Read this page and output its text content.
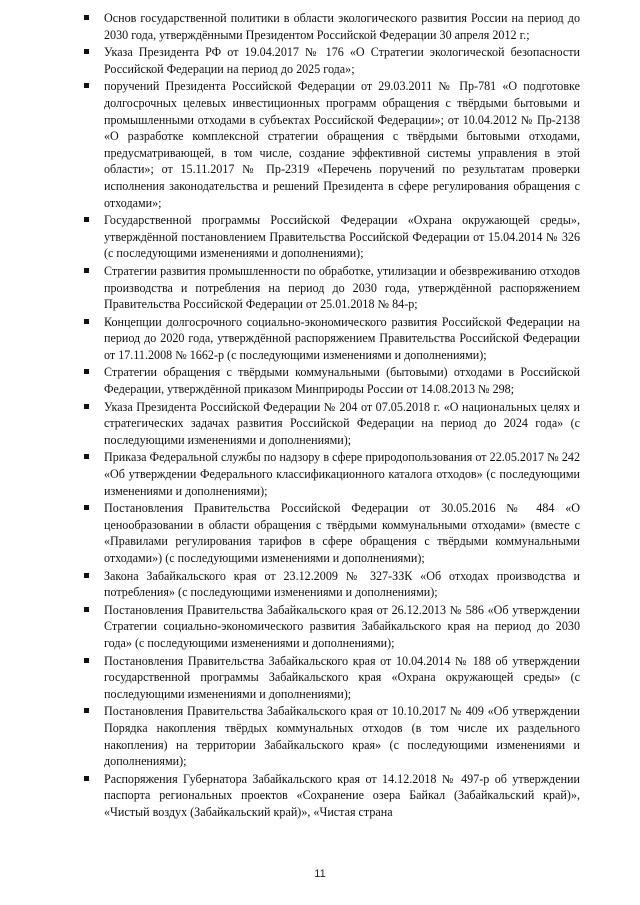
Основ государственной политики в области экологического развития России на период до 2030 года, утверждёнными Президентом Российской Федерации 30 апреля 2012 г.;
Указа Президента РФ от 19.04.2017 № 176 «О Стратегии экологической безопасности Российской Федерации на период до 2025 года»;
поручений Президента Российской Федерации от 29.03.2011 № Пр-781 «О подготовке долгосрочных целевых инвестиционных программ обращения с твёрдыми бытовыми и промышленными отходами в субъектах Российской Федерации»; от 10.04.2012 № Пр-2138 «О разработке комплексной стратегии обращения с твёрдыми бытовыми отходами, предусматривающей, в том числе, создание эффективной системы управления в этой области»; от 15.11.2017 № Пр-2319 «Перечень поручений по результатам проверки исполнения законодательства и решений Президента в сфере регулирования обращения с отходами»;
Государственной программы Российской Федерации «Охрана окружающей среды», утверждённой постановлением Правительства Российской Федерации от 15.04.2014 № 326 (с последующими изменениями и дополнениями);
Стратегии развития промышленности по обработке, утилизации и обезвреживанию отходов производства и потребления на период до 2030 года, утверждённой распоряжением Правительства Российской Федерации от 25.01.2018 № 84-р;
Концепции долгосрочного социально-экономического развития Российской Федерации на период до 2020 года, утверждённой распоряжением Правительства Российской Федерации от 17.11.2008 № 1662-р (с последующими изменениями и дополнениями);
Стратегии обращения с твёрдыми коммунальными (бытовыми) отходами в Российской Федерации, утверждённой приказом Минприроды России от 14.08.2013 № 298;
Указа Президента Российской Федерации № 204 от 07.05.2018 г. «О национальных целях и стратегических задачах развития Российской Федерации на период до 2024 года» (с последующими изменениями и дополнениями);
Приказа Федеральной службы по надзору в сфере природопользования от 22.05.2017 № 242 «Об утверждении Федерального классификационного каталога отходов» (с последующими изменениями и дополнениями);
Постановления Правительства Российской Федерации от 30.05.2016 № 484 «О ценообразовании в области обращения с твёрдыми коммунальными отходами» (вместе с «Правилами регулирования тарифов в сфере обращения с твёрдыми коммунальными отходами») (с последующими изменениями и дополнениями);
Закона Забайкальского края от 23.12.2009 № 327-ЗЗК «Об отходах производства и потребления» (с последующими изменениями и дополнениями);
Постановления Правительства Забайкальского края от 26.12.2013 № 586 «Об утверждении Стратегии социально-экономического развития Забайкальского края на период до 2030 года» (с последующими изменениями и дополнениями);
Постановления Правительства Забайкальского края от 10.04.2014 № 188 об утверждении государственной программы Забайкальского края «Охрана окружающей среды» (с последующими изменениями и дополнениями);
Постановления Правительства Забайкальского края от 10.10.2017 № 409 «Об утверждении Порядка накопления твёрдых коммунальных отходов (в том числе их раздельного накопления) на территории Забайкальского края» (с последующими изменениями и дополнениями);
Распоряжения Губернатора Забайкальского края от 14.12.2018 № 497-р об утверждении паспорта региональных проектов «Сохранение озера Байкал (Забайкальский край)», «Чистый воздух (Забайкальский край)», «Чистая страна
11
